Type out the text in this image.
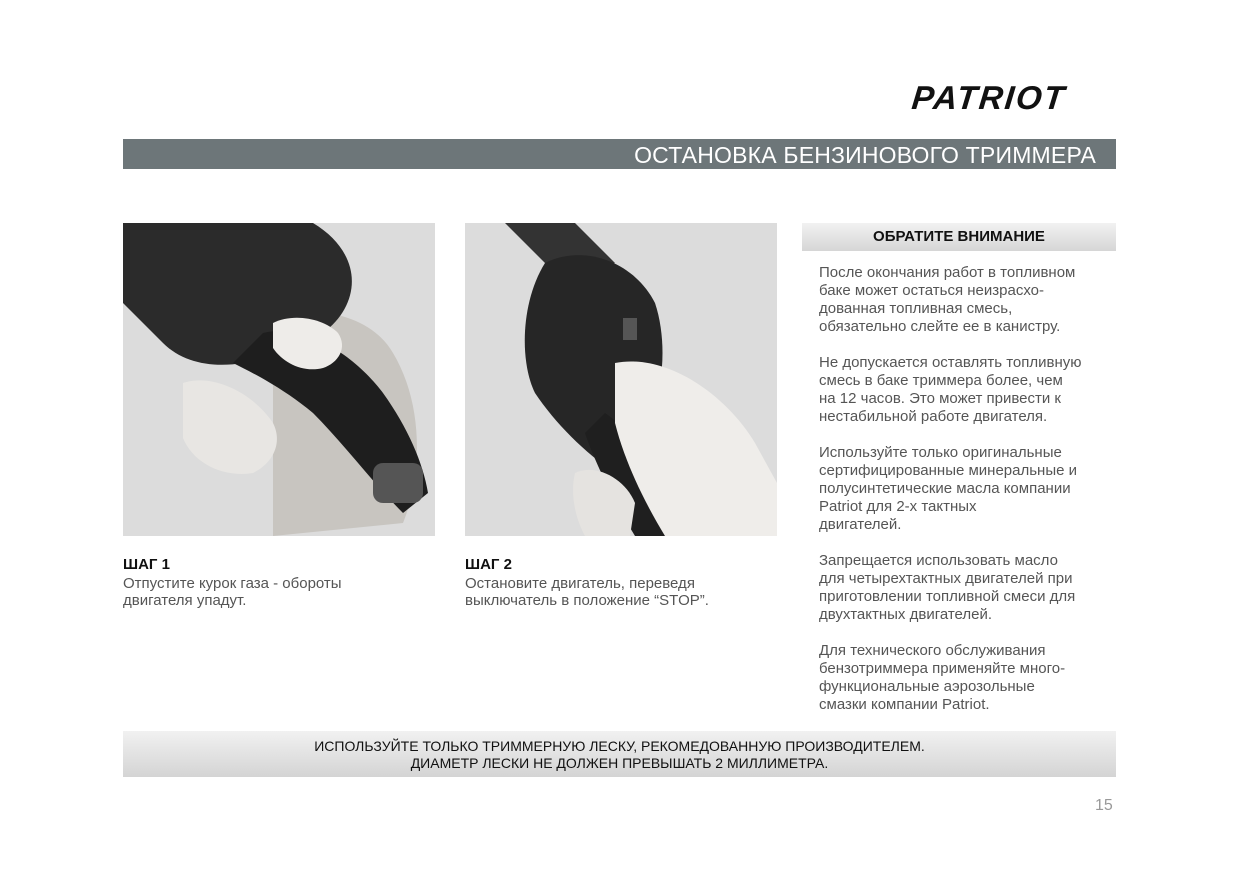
PATRIOT
ОСТАНОВКА БЕНЗИНОВОГО ТРИММЕРА
ШАГ 1
Отпустите курок газа - обороты
двигателя упадут.
ШАГ 2
Остановите двигатель, переведя
выключатель в положение “STOP”.
ОБРАТИТЕ ВНИМАНИЕ
После окончания работ в топливном
баке может остаться неизрасхо-
дованная топливная смесь,
обязательно слейте ее в канистру.
Не допускается оставлять топливную
смесь в баке триммера более, чем
на 12 часов. Это может привести к
нестабильной работе двигателя.
Используйте только оригинальные
сертифицированные минеральные и
полусинтетические масла компании
Patriot для 2-х тактных
двигателей.
Запрещается использовать масло
для четырехтактных двигателей при
приготовлении топливной смеси для
двухтактных двигателей.
Для технического обслуживания
бензотриммера применяйте много-
функциональные аэрозольные
смазки компании Patriot.
ИСПОЛЬЗУЙТЕ ТОЛЬКО ТРИММЕРНУЮ ЛЕСКУ, РЕКОМЕДОВАННУЮ ПРОИЗВОДИТЕЛЕМ.
ДИАМЕТР ЛЕСКИ НЕ ДОЛЖЕН ПРЕВЫШАТЬ 2 МИЛЛИМЕТРА.
15
